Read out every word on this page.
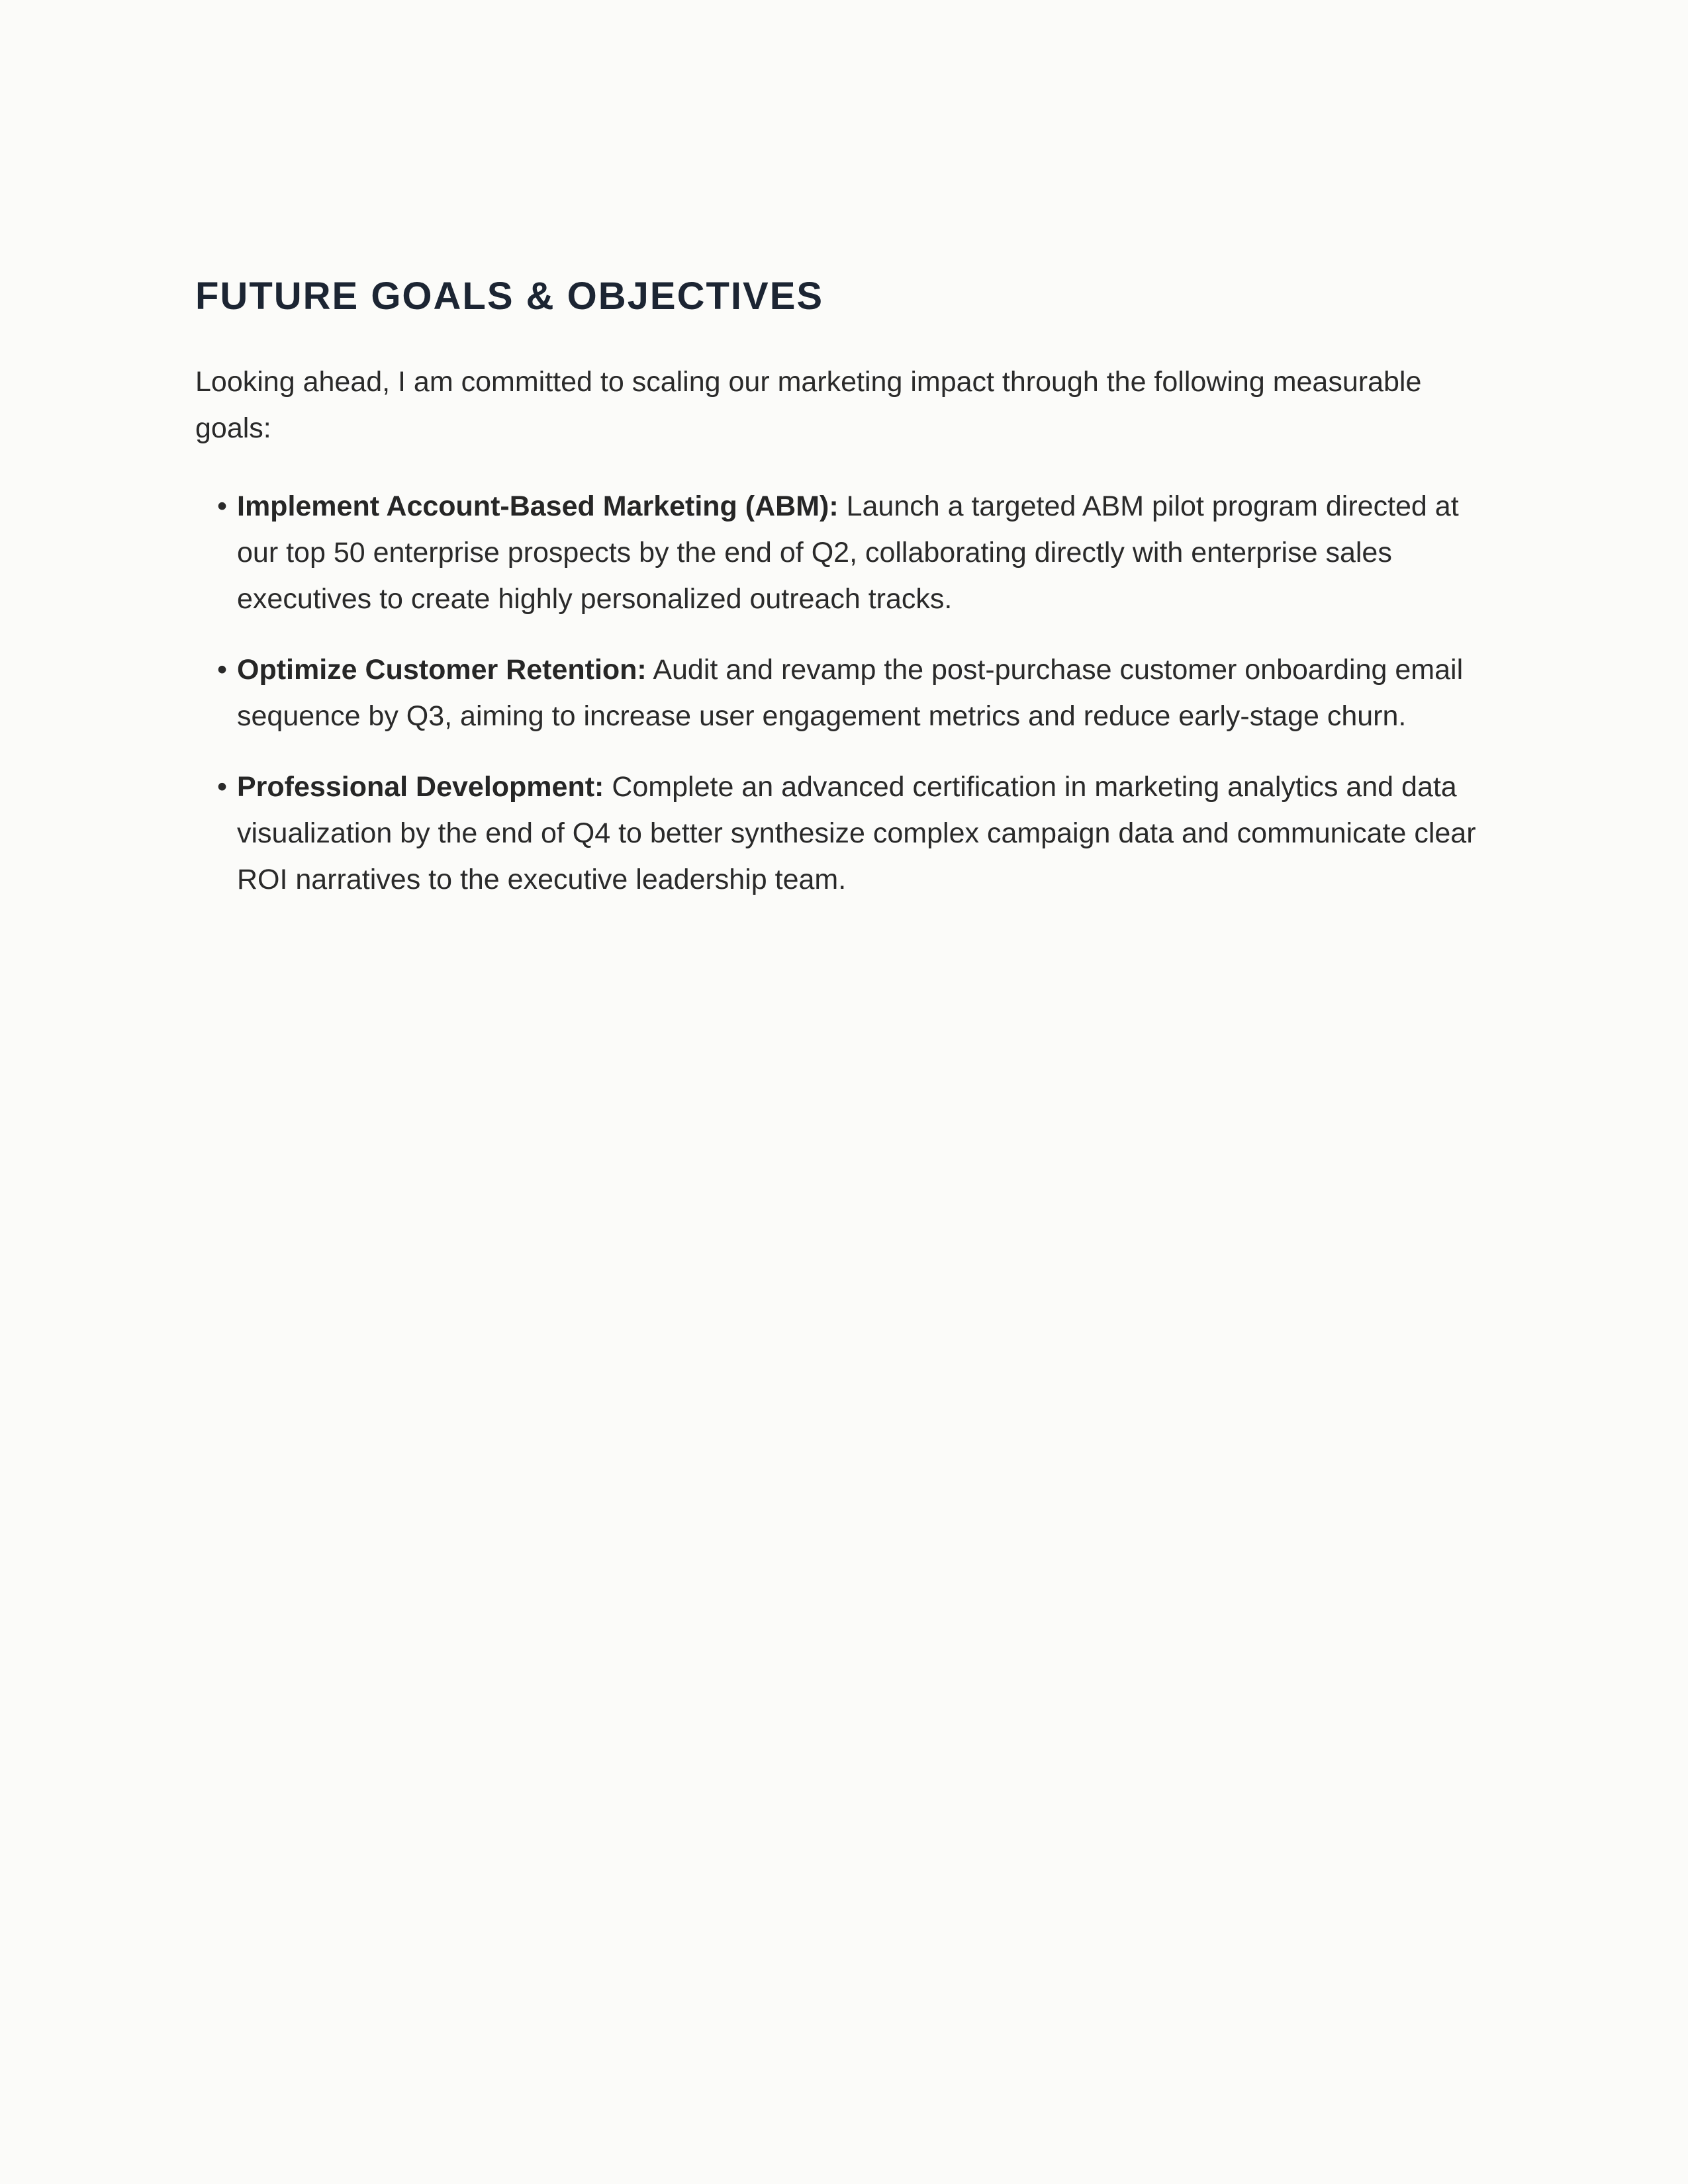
FUTURE GOALS & OBJECTIVES

Looking ahead, I am committed to scaling our marketing impact through the following measurable goals:

• Implement Account-Based Marketing (ABM): Launch a targeted ABM pilot program directed at our top 50 enterprise prospects by the end of Q2, collaborating directly with enterprise sales executives to create highly personalized outreach tracks.
• Optimize Customer Retention: Audit and revamp the post-purchase customer onboarding email sequence by Q3, aiming to increase user engagement metrics and reduce early-stage churn.
• Professional Development: Complete an advanced certification in marketing analytics and data visualization by the end of Q4 to better synthesize complex campaign data and communicate clear ROI narratives to the executive leadership team.
